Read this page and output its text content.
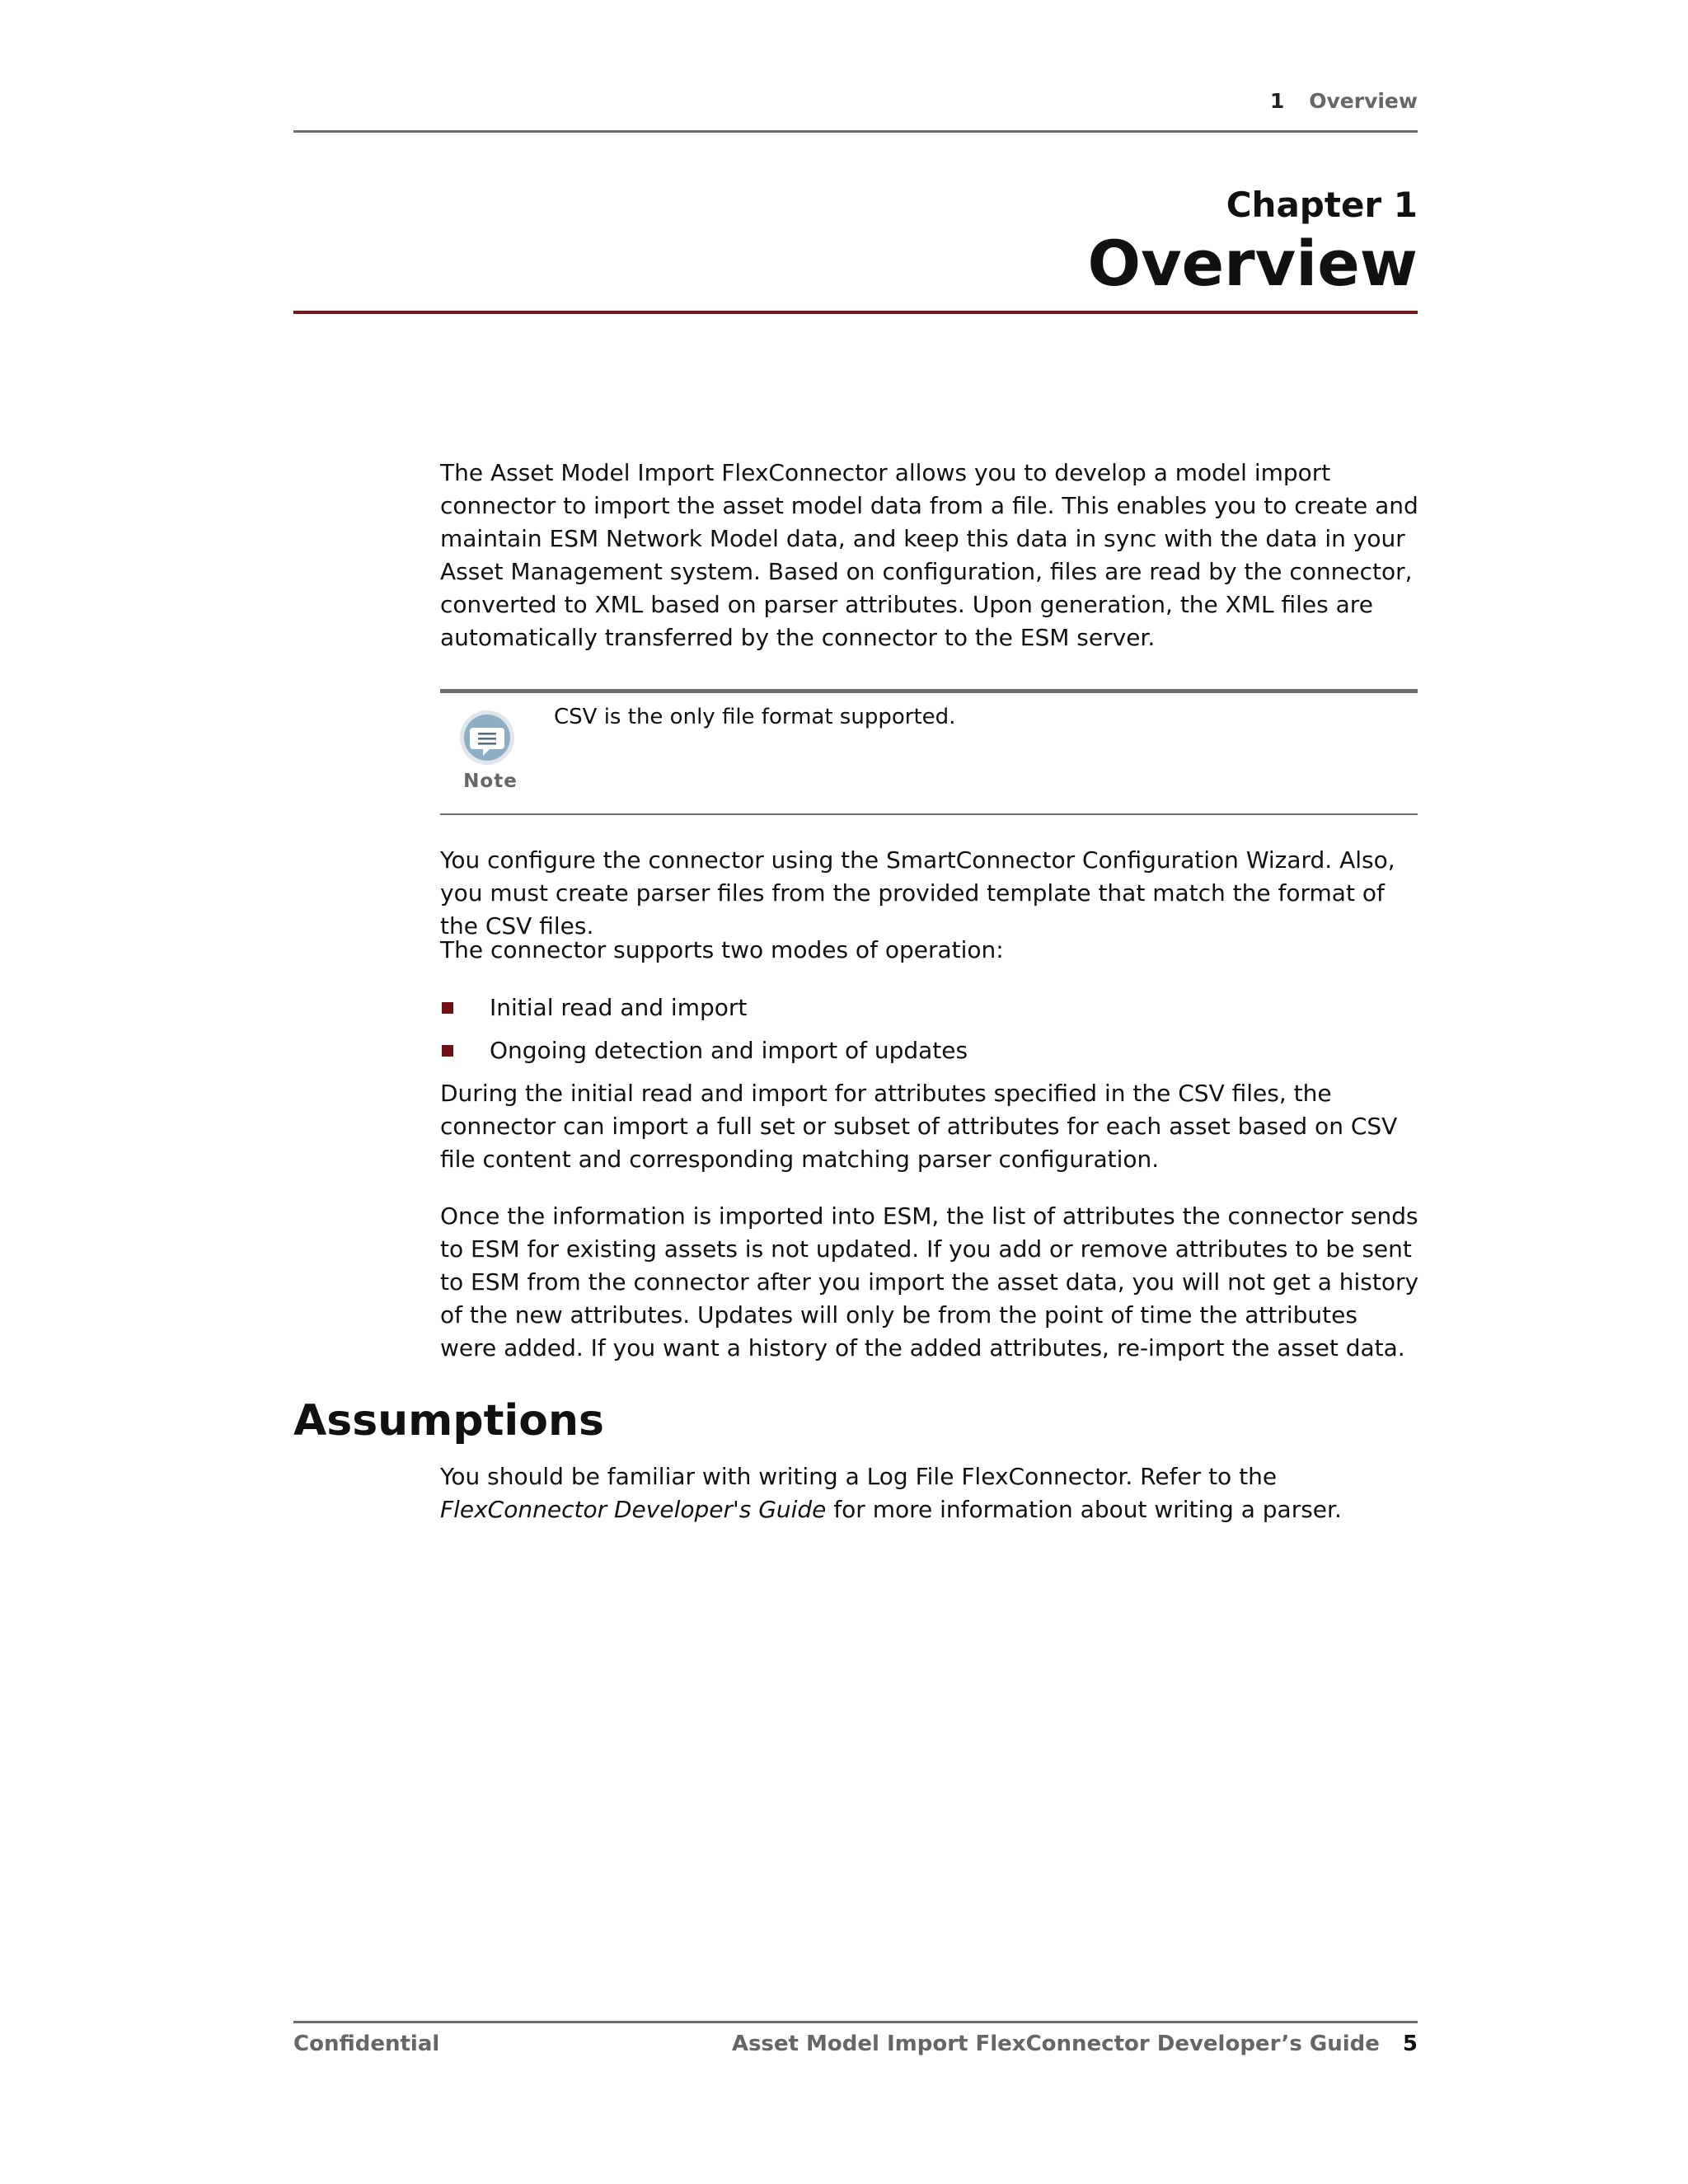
1 Overview
Chapter 1
Overview

The Asset Model Import FlexConnector allows you to develop a model import connector to import the asset model data from a file. This enables you to create and maintain ESM Network Model data, and keep this data in sync with the data in your Asset Management system. Based on configuration, files are read by the connector, converted to XML based on parser attributes. Upon generation, the XML files are automatically transferred by the connector to the ESM server.

Note
CSV is the only file format supported.

You configure the connector using the SmartConnector Configuration Wizard. Also, you must create parser files from the provided template that match the format of the CSV files.

The connector supports two modes of operation:

Initial read and import
Ongoing detection and import of updates

During the initial read and import for attributes specified in the CSV files, the connector can import a full set or subset of attributes for each asset based on CSV file content and corresponding matching parser configuration.

Once the information is imported into ESM, the list of attributes the connector sends to ESM for existing assets is not updated. If you add or remove attributes to be sent to ESM from the connector after you import the asset data, you will not get a history of the new attributes. Updates will only be from the point of time the attributes were added. If you want a history of the added attributes, re-import the asset data.

Assumptions

You should be familiar with writing a Log File FlexConnector. Refer to the FlexConnector Developer's Guide for more information about writing a parser.

Confidential	Asset Model Import FlexConnector Developer’s Guide 5
